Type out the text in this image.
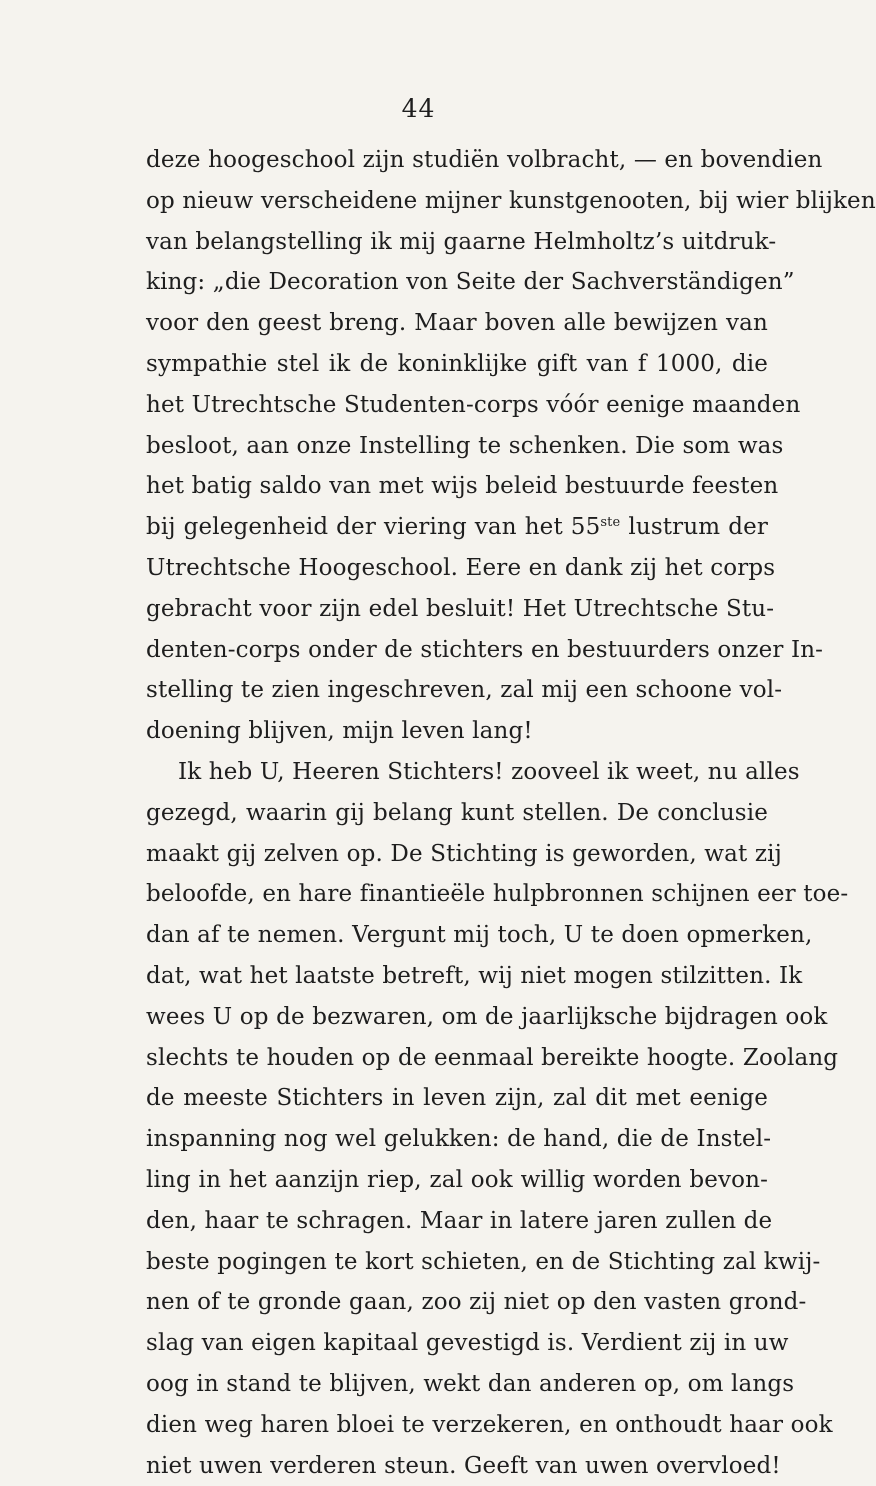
44
deze hoogeschool zijn studiën volbracht, — en bovendien
op nieuw verscheidene mijner kunstgenooten, bij wier blijken
van belangstelling ik mij gaarne Helmholtz’s uitdruk-
king: „die Decoration von Seite der Sachverständigen”
voor den geest breng. Maar boven alle bewijzen van
sympathie stel ik de koninklijke gift van f 1000, die
het Utrechtsche Studenten-corps vóór eenige maanden
besloot, aan onze Instelling te schenken. Die som was
het batig saldo van met wijs beleid bestuurde feesten
bij gelegenheid der viering van het 55ste lustrum der
Utrechtsche Hoogeschool. Eere en dank zij het corps
gebracht voor zijn edel besluit! Het Utrechtsche Stu-
denten-corps onder de stichters en bestuurders onzer In-
stelling te zien ingeschreven, zal mij een schoone vol-
doening blijven, mijn leven lang!
Ik heb U, Heeren Stichters! zooveel ik weet, nu alles
gezegd, waarin gij belang kunt stellen. De conclusie
maakt gij zelven op. De Stichting is geworden, wat zij
beloofde, en hare finantieële hulpbronnen schijnen eer toe-
dan af te nemen. Vergunt mij toch, U te doen opmerken,
dat, wat het laatste betreft, wij niet mogen stilzitten. Ik
wees U op de bezwaren, om de jaarlijksche bijdragen ook
slechts te houden op de eenmaal bereikte hoogte. Zoolang
de meeste Stichters in leven zijn, zal dit met eenige
inspanning nog wel gelukken: de hand, die de Instel-
ling in het aanzijn riep, zal ook willig worden bevon-
den, haar te schragen. Maar in latere jaren zullen de
beste pogingen te kort schieten, en de Stichting zal kwij-
nen of te gronde gaan, zoo zij niet op den vasten grond-
slag van eigen kapitaal gevestigd is. Verdient zij in uw
oog in stand te blijven, wekt dan anderen op, om langs
dien weg haren bloei te verzekeren, en onthoudt haar ook
niet uwen verderen steun. Geeft van uwen overvloed!
